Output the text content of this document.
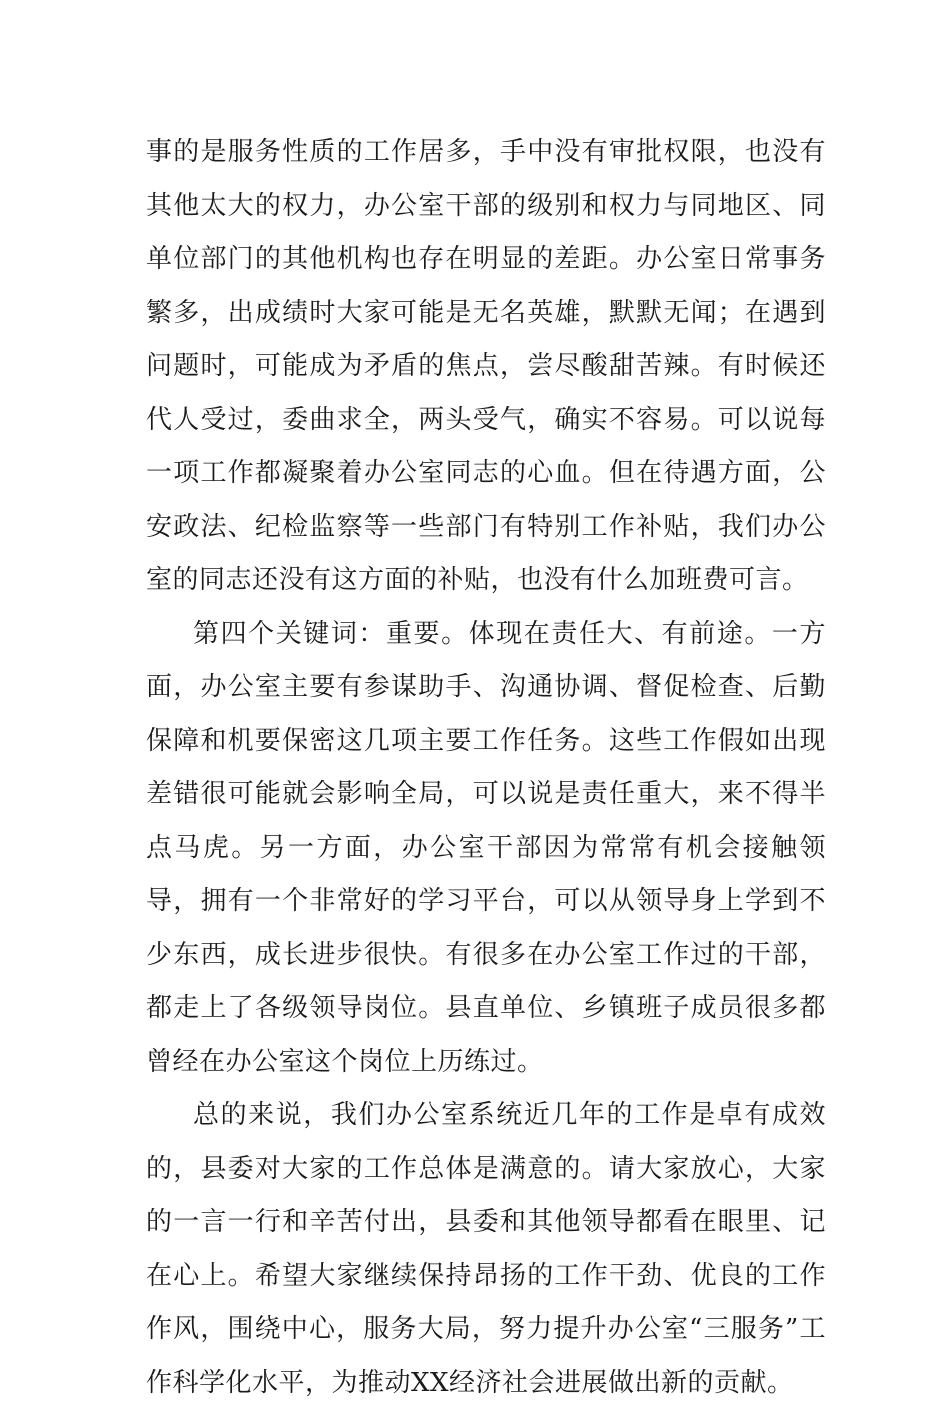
事的是服务性质的工作居多，手中没有审批权限，也没有其他太大的权力，办公室干部的级别和权力与同地区、同单位部门的其他机构也存在明显的差距。办公室日常事务繁多，出成绩时大家可能是无名英雄，默默无闻；在遇到问题时，可能成为矛盾的焦点，尝尽酸甜苦辣。有时候还代人受过，委曲求全，两头受气，确实不容易。可以说每一项工作都凝聚着办公室同志的心血。但在待遇方面，公安政法、纪检监察等一些部门有特别工作补贴，我们办公室的同志还没有这方面的补贴，也没有什么加班费可言。

第四个关键词：重要。体现在责任大、有前途。一方面，办公室主要有参谋助手、沟通协调、督促检查、后勤保障和机要保密这几项主要工作任务。这些工作假如出现差错很可能就会影响全局，可以说是责任重大，来不得半点马虎。另一方面，办公室干部因为常常有机会接触领导，拥有一个非常好的学习平台，可以从领导身上学到不少东西，成长进步很快。有很多在办公室工作过的干部，都走上了各级领导岗位。县直单位、乡镇班子成员很多都曾经在办公室这个岗位上历练过。

总的来说，我们办公室系统近几年的工作是卓有成效的，县委对大家的工作总体是满意的。请大家放心，大家的一言一行和辛苦付出，县委和其他领导都看在眼里、记在心上。希望大家继续保持昂扬的工作干劲、优良的工作作风，围绕中心，服务大局，努力提升办公室“三服务”工作科学化水平，为推动XX经济社会进展做出新的贡献。
